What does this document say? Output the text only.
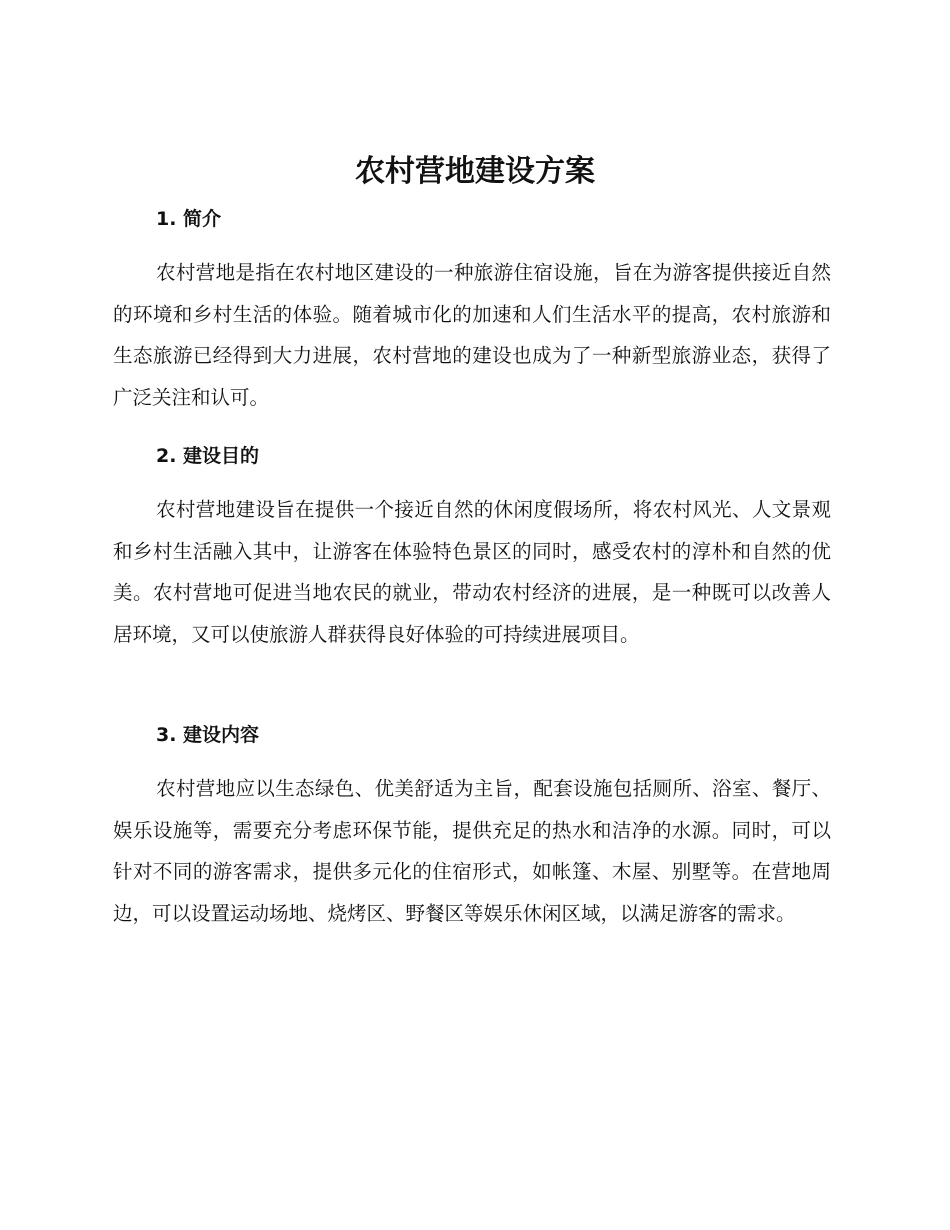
农村营地建设方案
1. 简介

农村营地是指在农村地区建设的一种旅游住宿设施，旨在为游客提供接近自然的环境和乡村生活的体验。随着城市化的加速和人们生活水平的提高，农村旅游和生态旅游已经得到大力进展，农村营地的建设也成为了一种新型旅游业态，获得了广泛关注和认可。

2. 建设目的

农村营地建设旨在提供一个接近自然的休闲度假场所，将农村风光、人文景观和乡村生活融入其中，让游客在体验特色景区的同时，感受农村的淳朴和自然的优美。农村营地可促进当地农民的就业，带动农村经济的进展，是一种既可以改善人居环境，又可以使旅游人群获得良好体验的可持续进展项目。

3. 建设内容

农村营地应以生态绿色、优美舒适为主旨，配套设施包括厕所、浴室、餐厅、娱乐设施等，需要充分考虑环保节能，提供充足的热水和洁净的水源。同时，可以针对不同的游客需求，提供多元化的住宿形式，如帐篷、木屋、别墅等。在营地周边，可以设置运动场地、烧烤区、野餐区等娱乐休闲区域，以满足游客的需求。
